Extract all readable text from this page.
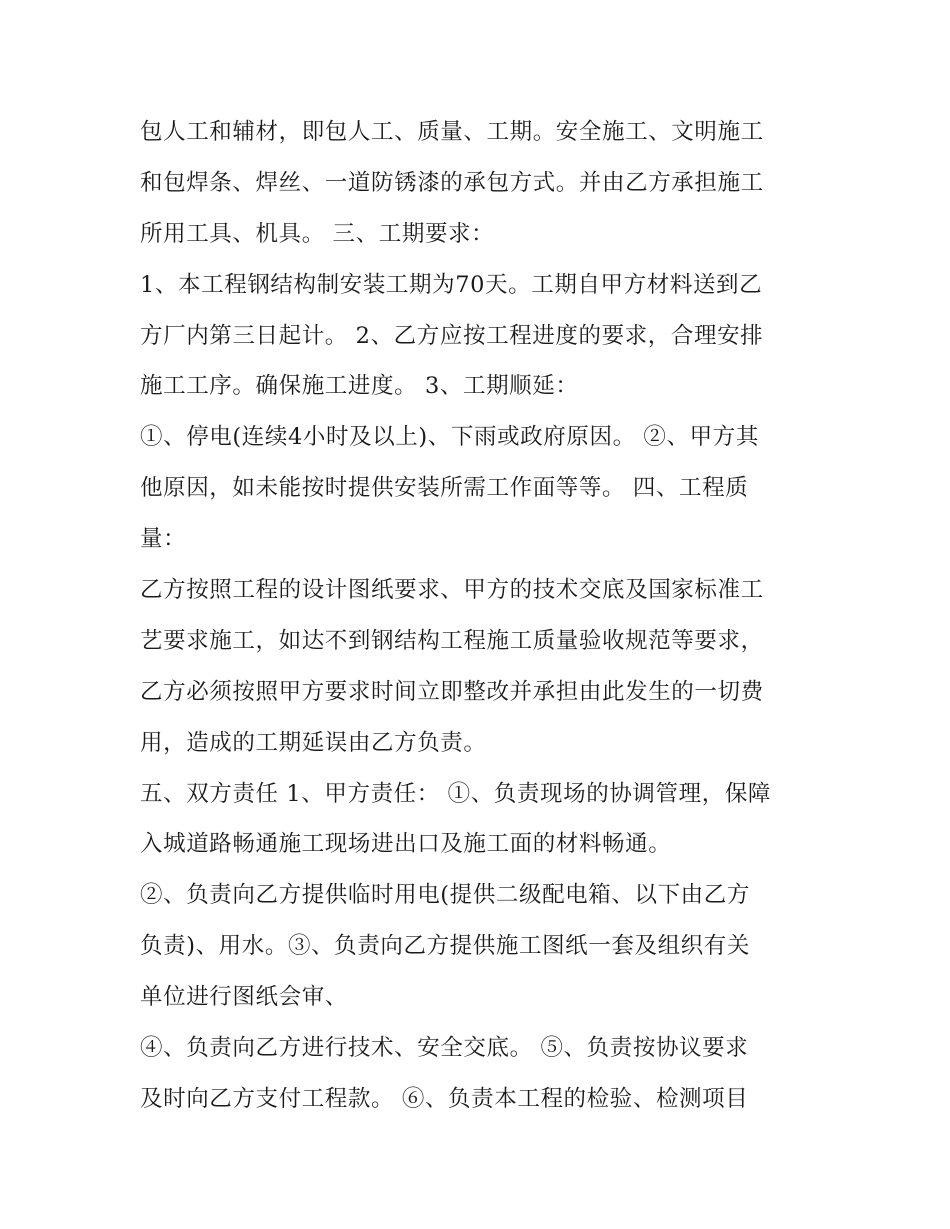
包人工和辅材，即包人工、质量、工期。安全施工、文明施工
和包焊条、焊丝、一道防锈漆的承包方式。并由乙方承担施工
所用工具、机具。 三、工期要求：
1、本工程钢结构制安装工期为70天。工期自甲方材料送到乙
方厂内第三日起计。 2、乙方应按工程进度的要求，合理安排
施工工序。确保施工进度。 3、工期顺延：
①、停电(连续4小时及以上)、下雨或政府原因。 ②、甲方其
他原因，如未能按时提供安装所需工作面等等。 四、工程质
量：
乙方按照工程的设计图纸要求、甲方的技术交底及国家标准工
艺要求施工，如达不到钢结构工程施工质量验收规范等要求，
乙方必须按照甲方要求时间立即整改并承担由此发生的一切费
用，造成的工期延误由乙方负责。
五、双方责任 1、甲方责任： ①、负责现场的协调管理，保障
入城道路畅通施工现场进出口及施工面的材料畅通。
②、负责向乙方提供临时用电(提供二级配电箱、以下由乙方
负责)、用水。③、负责向乙方提供施工图纸一套及组织有关
单位进行图纸会审、
④、负责向乙方进行技术、安全交底。 ⑤、负责按协议要求
及时向乙方支付工程款。 ⑥、负责本工程的检验、检测项目
